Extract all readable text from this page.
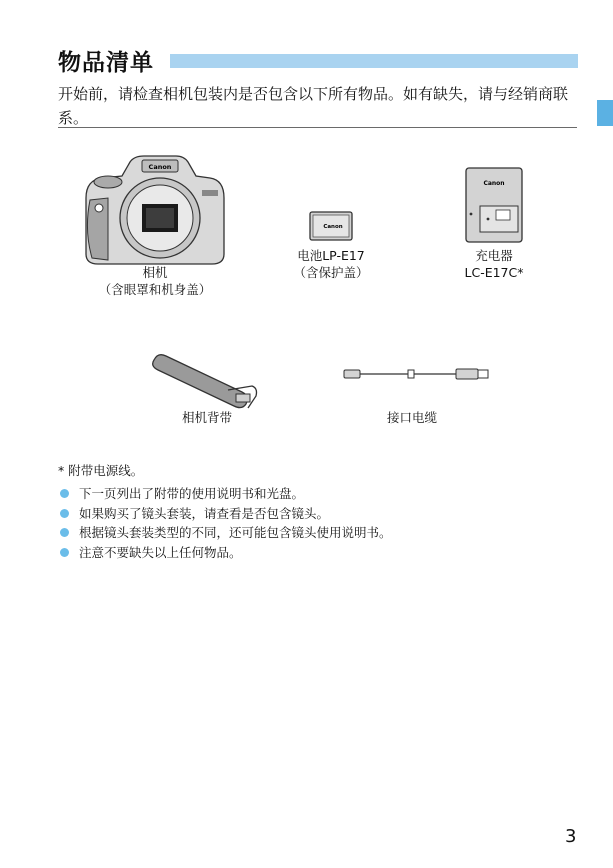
物品清单
开始前，请检查相机包装内是否包含以下所有物品。如有缺失，请与经销商联系。
Canon
相机
（含眼罩和机身盖）
Canon
电池LP-E17
（含保护盖）
Canon
充电器
LC-E17C*
相机背带	接口电缆
* 附带电源线。
下一页列出了附带的使用说明书和光盘。
如果购买了镜头套装，请查看是否包含镜头。
根据镜头套装类型的不同，还可能包含镜头使用说明书。
注意不要缺失以上任何物品。
3
